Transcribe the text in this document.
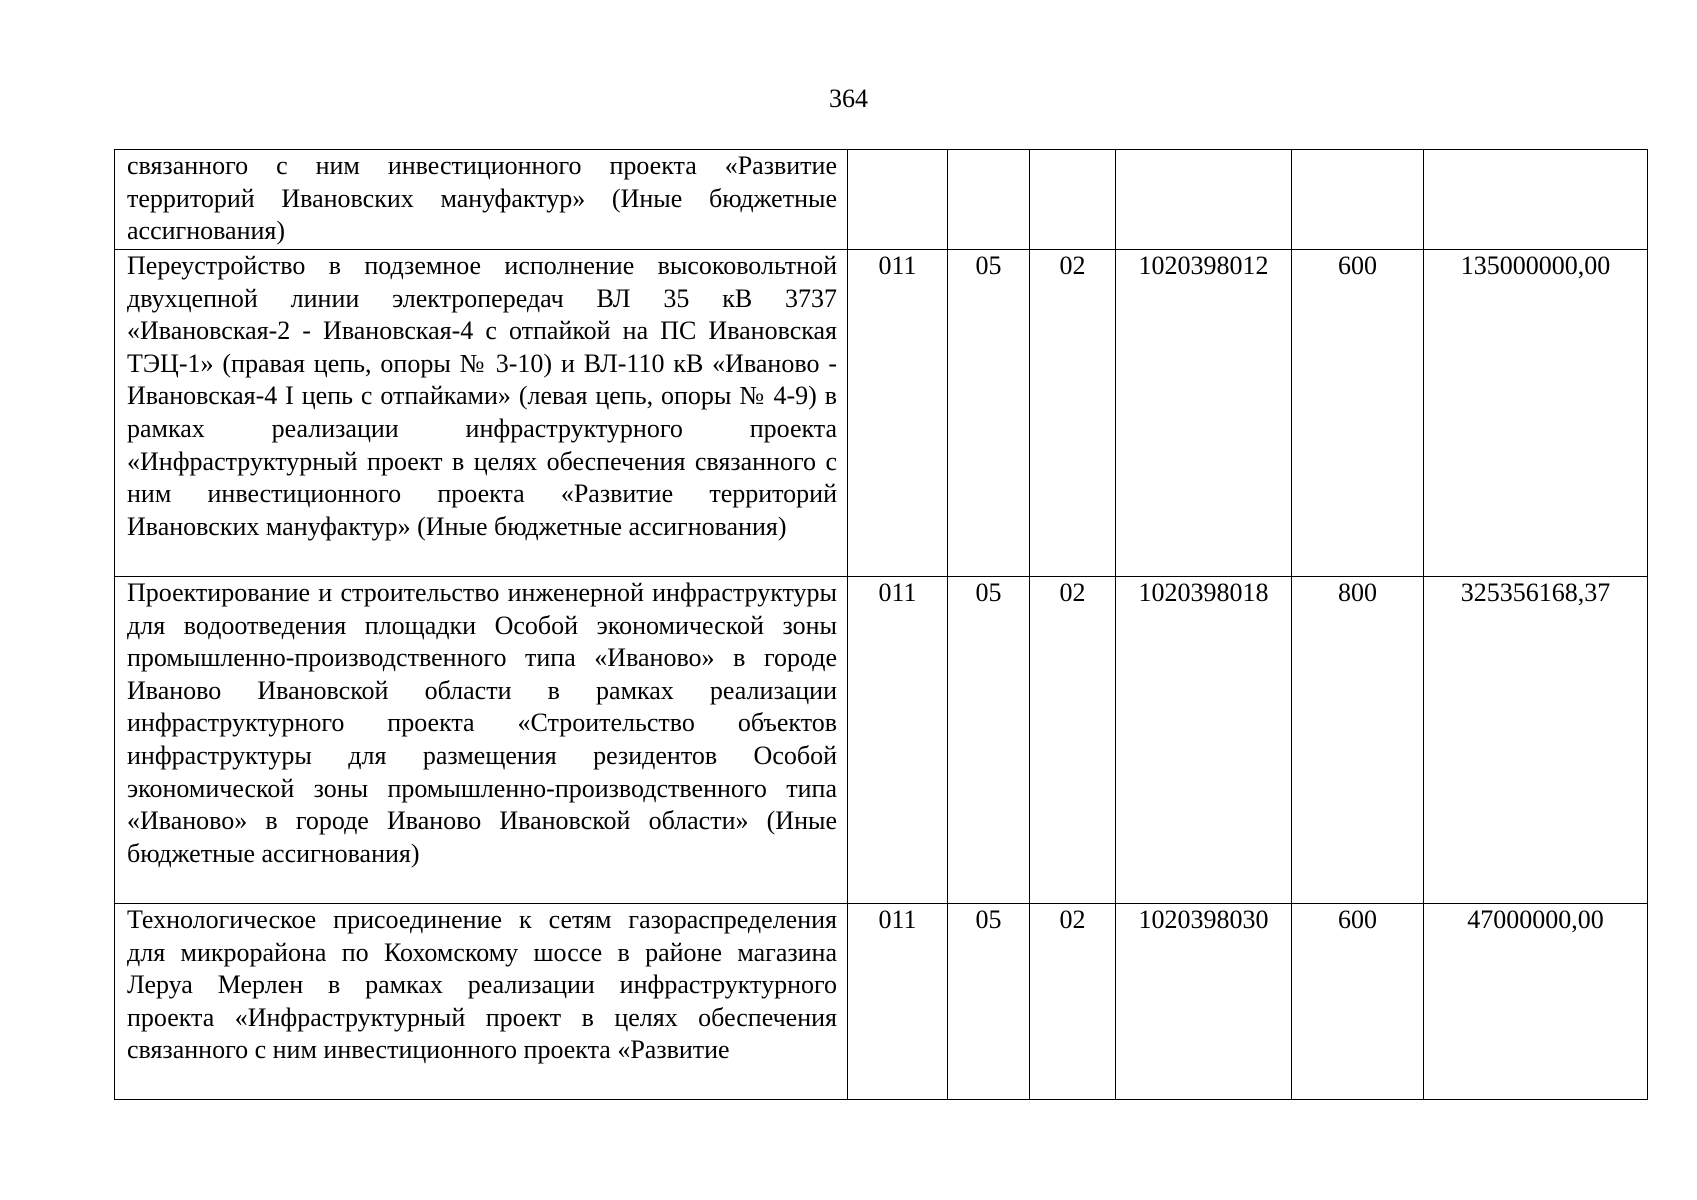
364
связанного с ним инвестиционного проекта «Развитие территорий Ивановских мануфактур» (Иные бюджетные ассигнования)						
Переустройство в подземное исполнение высоковольтной двухцепной линии электропередач ВЛ 35 кВ 3737 «Ивановская-2 - Ивановская-4 с отпайкой на ПС Ивановская ТЭЦ-1» (правая цепь, опоры № 3-10) и ВЛ-110 кВ «Иваново - Ивановская-4 I цепь с отпайками» (левая цепь, опоры № 4-9) в рамках реализации инфраструктурного проекта «Инфраструктурный проект в целях обеспечения связанного с ним инвестиционного проекта «Развитие территорий Ивановских мануфактур» (Иные бюджетные ассигнования)	011	05	02	1020398012	600	135000000,00
Проектирование и строительство инженерной инфраструктуры для водоотведения площадки Особой экономической зоны промышленно-производственного типа «Иваново» в городе Иваново Ивановской области в рамках реализации инфраструктурного проекта «Строительство объектов инфраструктуры для размещения резидентов Особой экономической зоны промышленно-производственного типа «Иваново» в городе Иваново Ивановской области» (Иные бюджетные ассигнования)	011	05	02	1020398018	800	325356168,37
Технологическое присоединение к сетям газораспределения для микрорайона по Кохомскому шоссе в районе магазина Леруа Мерлен в рамках реализации инфраструктурного проекта «Инфраструктурный проект в целях обеспечения связанного с ним инвестиционного проекта «Развитие	011	05	02	1020398030	600	47000000,00
